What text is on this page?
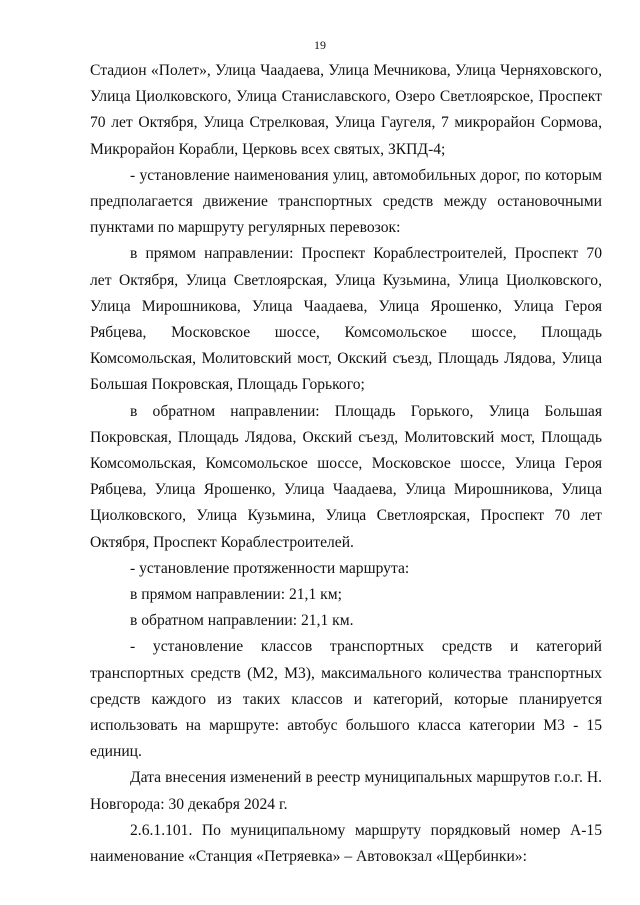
19

Стадион «Полет», Улица Чаадаева, Улица Мечникова, Улица Черняховского, Улица Циолковского, Улица Станиславского, Озеро Светлоярское, Проспект 70 лет Октября, Улица Стрелковая, Улица Гаугеля, 7 микрорайон Сормова, Микрорайон Корабли, Церковь всех святых, ЗКПД-4;

- установление наименования улиц, автомобильных дорог, по которым предполагается движение транспортных средств между остановочными пунктами по маршруту регулярных перевозок:

в прямом направлении: Проспект Кораблестроителей, Проспект 70 лет Октября, Улица Светлоярская, Улица Кузьмина, Улица Циолковского, Улица Мирошникова, Улица Чаадаева, Улица Ярошенко, Улица Героя Рябцева, Московское шоссе, Комсомольское шоссе, Площадь Комсомольская, Молитовский мост, Окский съезд, Площадь Лядова, Улица Большая Покровская, Площадь Горького;

в обратном направлении: Площадь Горького, Улица Большая Покровская, Площадь Лядова, Окский съезд, Молитовский мост, Площадь Комсомольская, Комсомольское шоссе, Московское шоссе, Улица Героя Рябцева, Улица Ярошенко, Улица Чаадаева, Улица Мирошникова, Улица Циолковского, Улица Кузьмина, Улица Светлоярская, Проспект 70 лет Октября, Проспект Кораблестроителей.

- установление протяженности маршрута:

в прямом направлении: 21,1 км;

в обратном направлении: 21,1 км.

- установление классов транспортных средств и категорий транспортных средств (М2, М3), максимального количества транспортных средств каждого из таких классов и категорий, которые планируется использовать на маршруте: автобус большого класса категории М3 - 15 единиц.

Дата внесения изменений в реестр муниципальных маршрутов г.о.г. Н. Новгорода: 30 декабря 2024 г.

2.6.1.101. По муниципальному маршруту порядковый номер А-15 наименование «Станция «Петряевка» – Автовокзал «Щербинки»:
